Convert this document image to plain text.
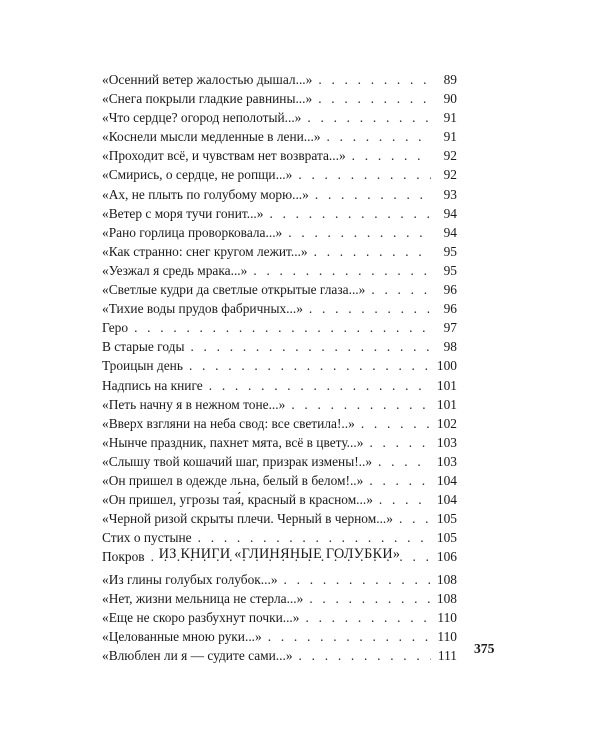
«Осенний ветер жалостью дышал...» . . .	89
«Снега покрыли гладкие равнины...» . . .	90
«Что сердце? огород неполотый...» . . .	91
«Коснели мысли медленные в лени...» . . .	91
«Проходит всё, и чувствам нет возврата...» . . .	92
«Смирись, о сердце, не ропщи...» . . .	92
«Ах, не плыть по голубому морю...» . . .	93
«Ветер с моря тучи гонит...» . . .	94
«Рано горлица проворковала...» . . .	94
«Как странно: снег кругом лежит...» . . .	95
«Уезжал я средь мрака...» . . .	95
«Светлые кудри да светлые открытые глаза...» . . .	96
«Тихие воды прудов фабричных...» . . .	96
Геро . . .	97
В старые годы . . .	98
Троицын день . . .	100
Надпись на книге . . .	101
«Петь начну я в нежном тоне...» . . .	101
«Вверх взгляни на неба свод: все светила!..» . . .	102
«Нынче праздник, пахнет мята, всё в цвету...» . . .	103
«Слышу твой кошачий шаг, призрак измены!..» . . .	103
«Он пришел в одежде льна, белый в белом!..» . . .	104
«Он пришел, угрозы тая́, красный в красном...» . . .	104
«Черной ризой скрыты плечи. Черный в черном...» . . .	105
Стих о пустыне . . .	105
Покров . . .	106
ИЗ КНИГИ «ГЛИНЯНЫЕ ГОЛУБКИ»
«Из глины голубых голубок...» . . .	108
«Нет, жизни мельница не стерла...» . . .	108
«Еще не скоро разбухнут почки...» . . .	110
«Целованные мною руки...» . . .	110
«Влюблен ли я — судите сами...» . . .	111 375
